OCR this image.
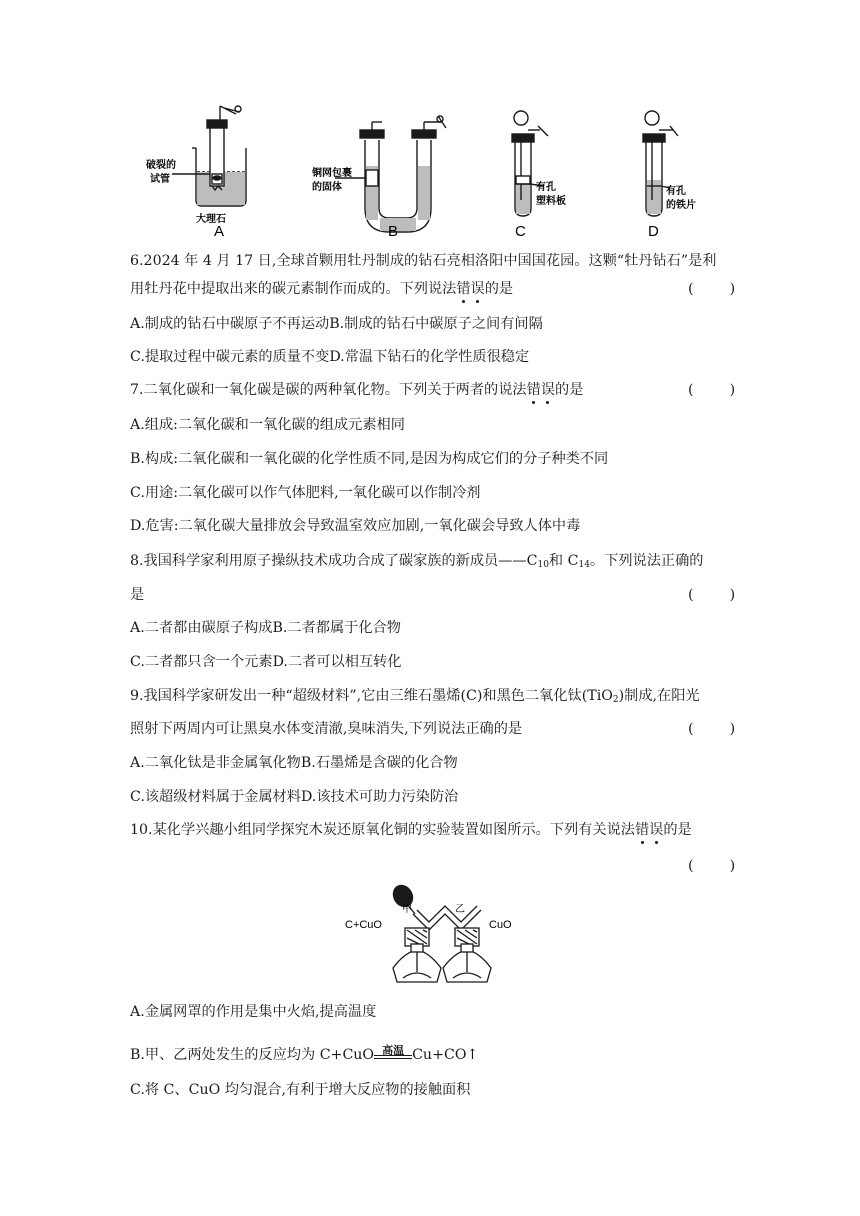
破裂的
试管
大理石
铜网包裹
的固体	有孔
塑料板
有孔
的铁片
A	B	C	D
6.2024 年 4 月 17 日,全球首颗用牡丹制成的钻石亮相洛阳中国国花园。这颗“牡丹钻石”是利
用牡丹花中提取出来的碳元素制作而成的。下列说法错误的是	(        )
A.制成的钻石中碳原子不再运动B.制成的钻石中碳原子之间有间隔
C.提取过程中碳元素的质量不变D.常温下钻石的化学性质很稳定
7.二氧化碳和一氧化碳是碳的两种氧化物。下列关于两者的说法错误的是	(        )
A.组成:二氧化碳和一氧化碳的组成元素相同
B.构成:二氧化碳和一氧化碳的化学性质不同,是因为构成它们的分子种类不同
C.用途:二氧化碳可以作气体肥料,一氧化碳可以作制冷剂
D.危害:二氧化碳大量排放会导致温室效应加剧,一氧化碳会导致人体中毒
8.我国科学家利用原子操纵技术成功合成了碳家族的新成员$——C_{10}$和 $C_{14}$。下列说法正确的
是	(        )
A.二者都由碳原子构成B.二者都属于化合物
C.二者都只含一个元素D.二者可以相互转化
9.我国科学家研发出一种“超级材料”,它由三维石墨烯(C)和黑色二氧化钛(TiO$_2$)制成,在阳光
照射下两周内可让黑臭水体变清澈,臭味消失,下列说法正确的是	(        )
A.二氧化钛是非金属氧化物B.石墨烯是含碳的化合物
C.该超级材料属于金属材料D.该技术可助力污染防治
10.某化学兴趣小组同学探究木炭还原氧化铜的实验装置如图所示。下列有关说法错误的是
(        )
C+CuO	CuO
甲	乙
A.金属网罩的作用是集中火焰,提高温度
B.甲、乙两处发生的反应均为 C+CuO 高温 Cu+CO↑
C.将 C、CuO 均匀混合,有利于增大反应物的接触面积
